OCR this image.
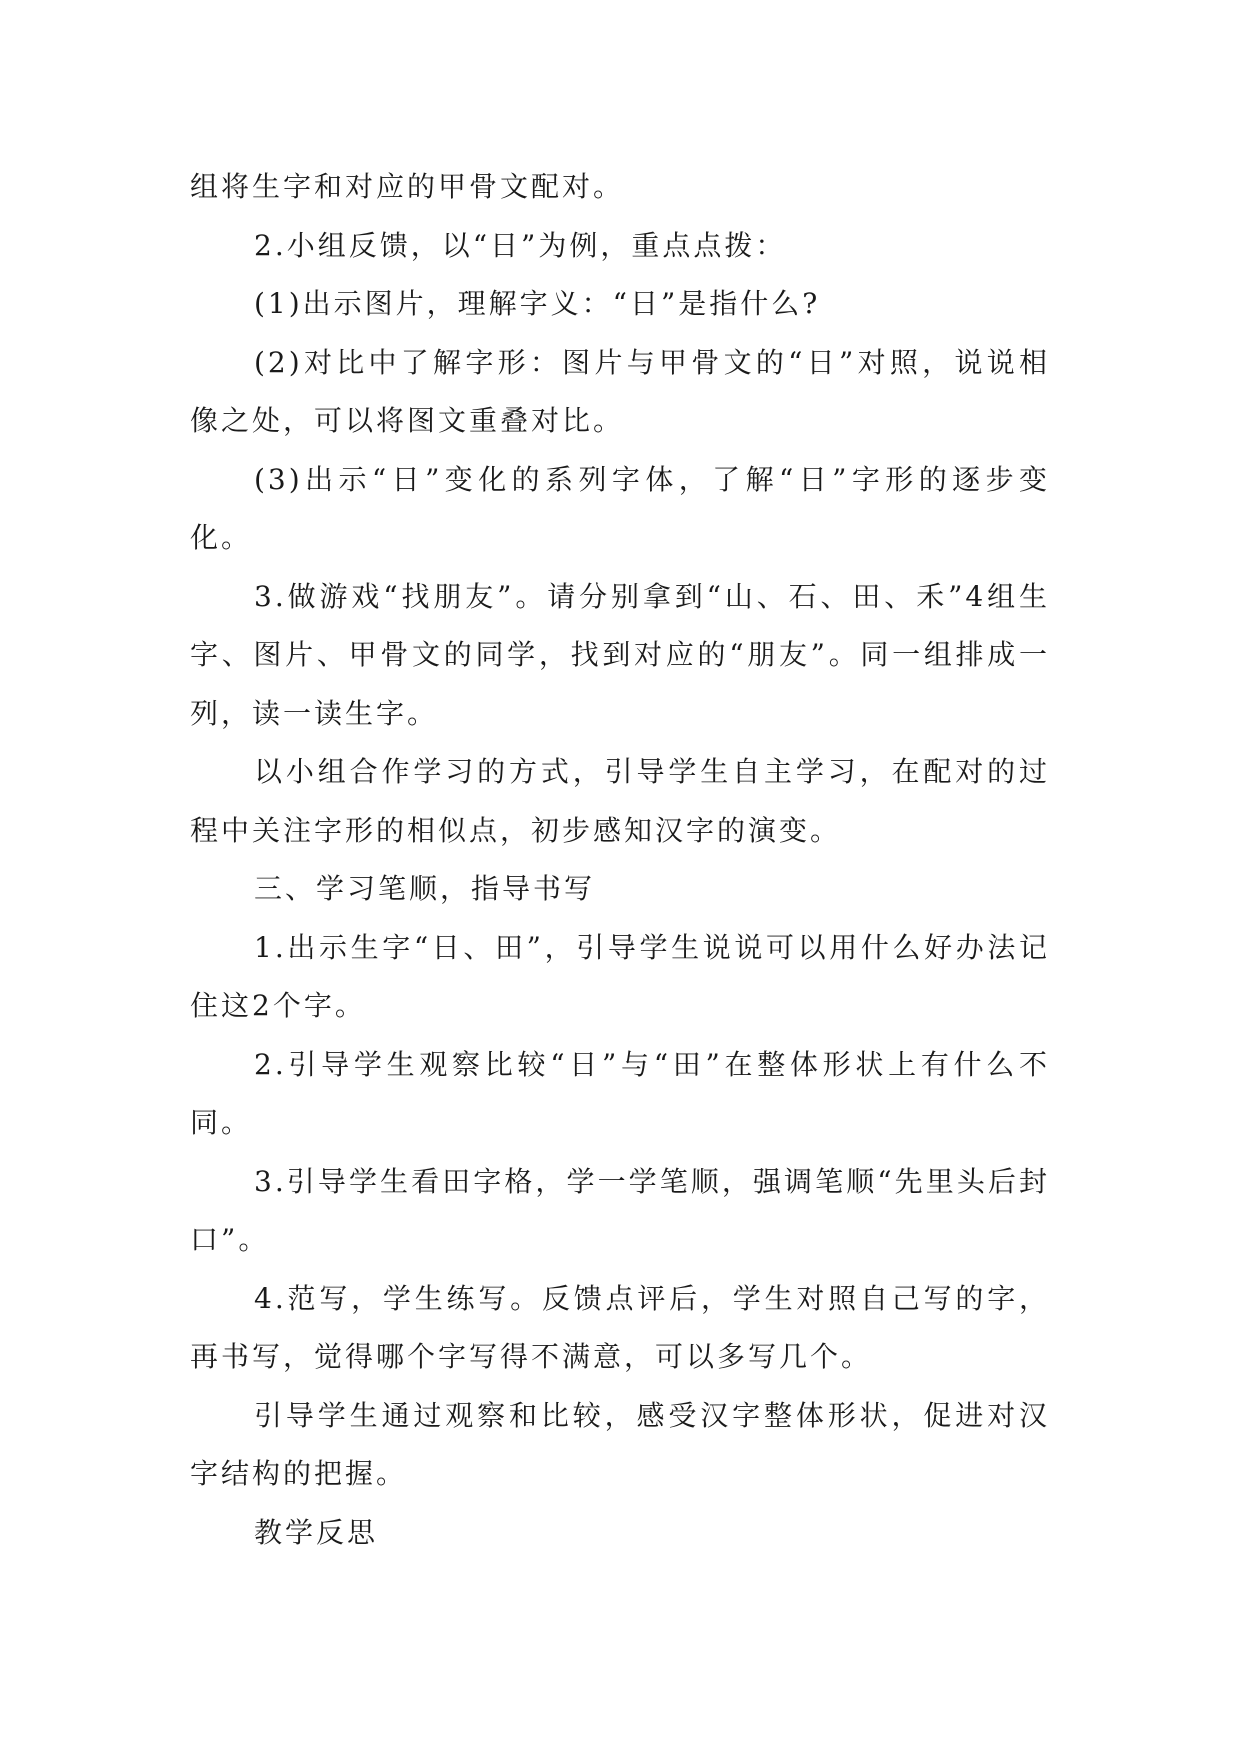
组将生字和对应的甲骨文配对。

2.小组反馈，以“日”为例，重点点拨：

(1)出示图片，理解字义：“日”是指什么?

(2)对比中了解字形：图片与甲骨文的“日”对照，说说相像之处，可以将图文重叠对比。

(3)出示“日”变化的系列字体，了解“日”字形的逐步变化。

3.做游戏“找朋友”。请分别拿到“山、石、田、禾”4组生字、图片、甲骨文的同学，找到对应的“朋友”。同一组排成一列，读一读生字。

以小组合作学习的方式，引导学生自主学习，在配对的过程中关注字形的相似点，初步感知汉字的演变。

三、学习笔顺，指导书写

1.出示生字“日、田”，引导学生说说可以用什么好办法记住这2个字。

2.引导学生观察比较“日”与“田”在整体形状上有什么不同。

3.引导学生看田字格，学一学笔顺，强调笔顺“先里头后封口”。

4.范写，学生练写。反馈点评后，学生对照自己写的字，再书写，觉得哪个字写得不满意，可以多写几个。

引导学生通过观察和比较，感受汉字整体形状，促进对汉字结构的把握。

教学反思
